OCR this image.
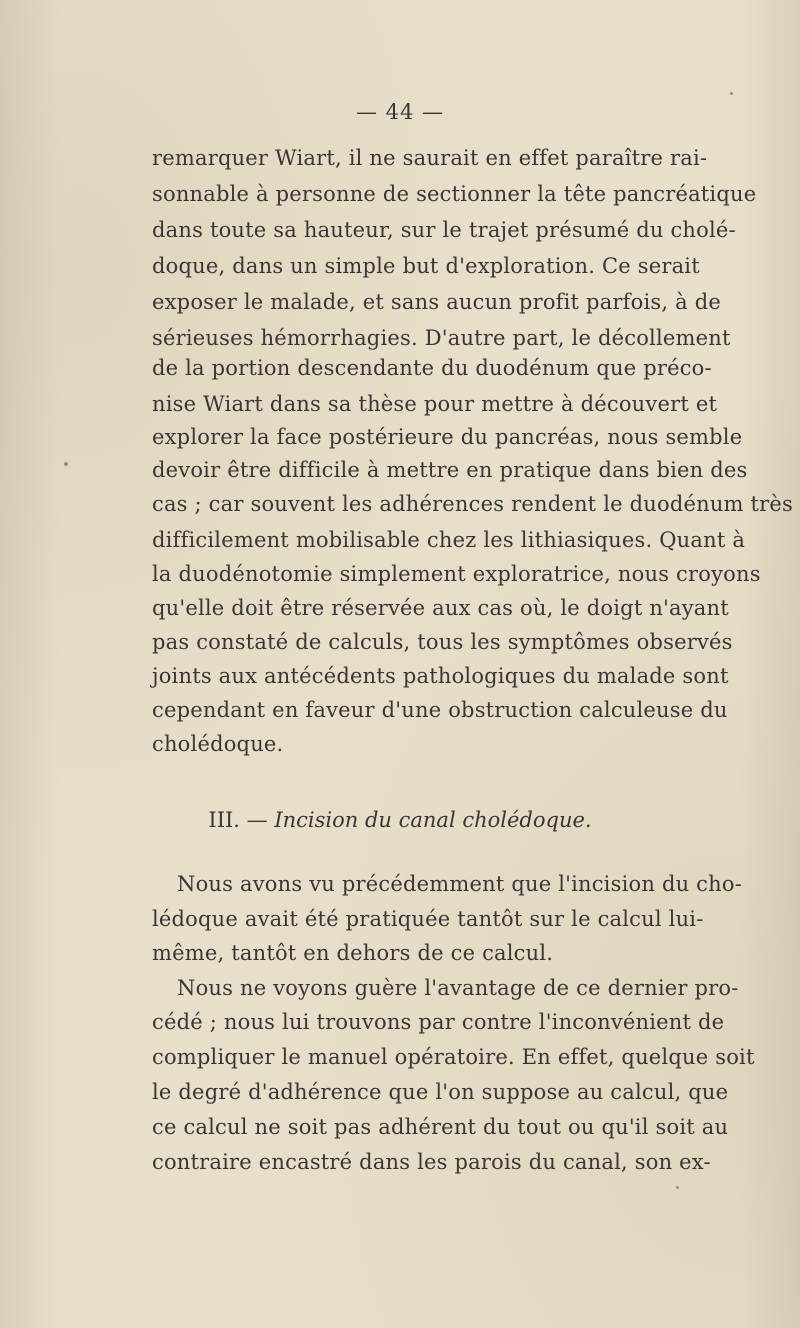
— 44 —
remarquer Wiart, il ne saurait en effet paraître rai-
sonnable à personne de sectionner la tête pancréatique
dans toute sa hauteur, sur le trajet présumé du cholé-
doque, dans un simple but d'exploration. Ce serait
exposer le malade, et sans aucun profit parfois, à de
sérieuses hémorrhagies. D'autre part, le décollement
de la portion descendante du duodénum que préco-
nise Wiart dans sa thèse pour mettre à découvert et
explorer la face postérieure du pancréas, nous semble
devoir être difficile à mettre en pratique dans bien des
cas ; car souvent les adhérences rendent le duodénum très
difficilement mobilisable chez les lithiasiques. Quant à
la duodénotomie simplement exploratrice, nous croyons
qu'elle doit être réservée aux cas où, le doigt n'ayant
pas constaté de calculs, tous les symptômes observés
joints aux antécédents pathologiques du malade sont
cependant en faveur d'une obstruction calculeuse du
cholédoque.
III. — Incision du canal cholédoque.
Nous avons vu précédemment que l'incision du cho-
lédoque avait été pratiquée tantôt sur le calcul lui-
même, tantôt en dehors de ce calcul.
Nous ne voyons guère l'avantage de ce dernier pro-
cédé ; nous lui trouvons par contre l'inconvénient de
compliquer le manuel opératoire. En effet, quelque soit
le degré d'adhérence que l'on suppose au calcul, que
ce calcul ne soit pas adhérent du tout ou qu'il soit au
contraire encastré dans les parois du canal, son ex-
